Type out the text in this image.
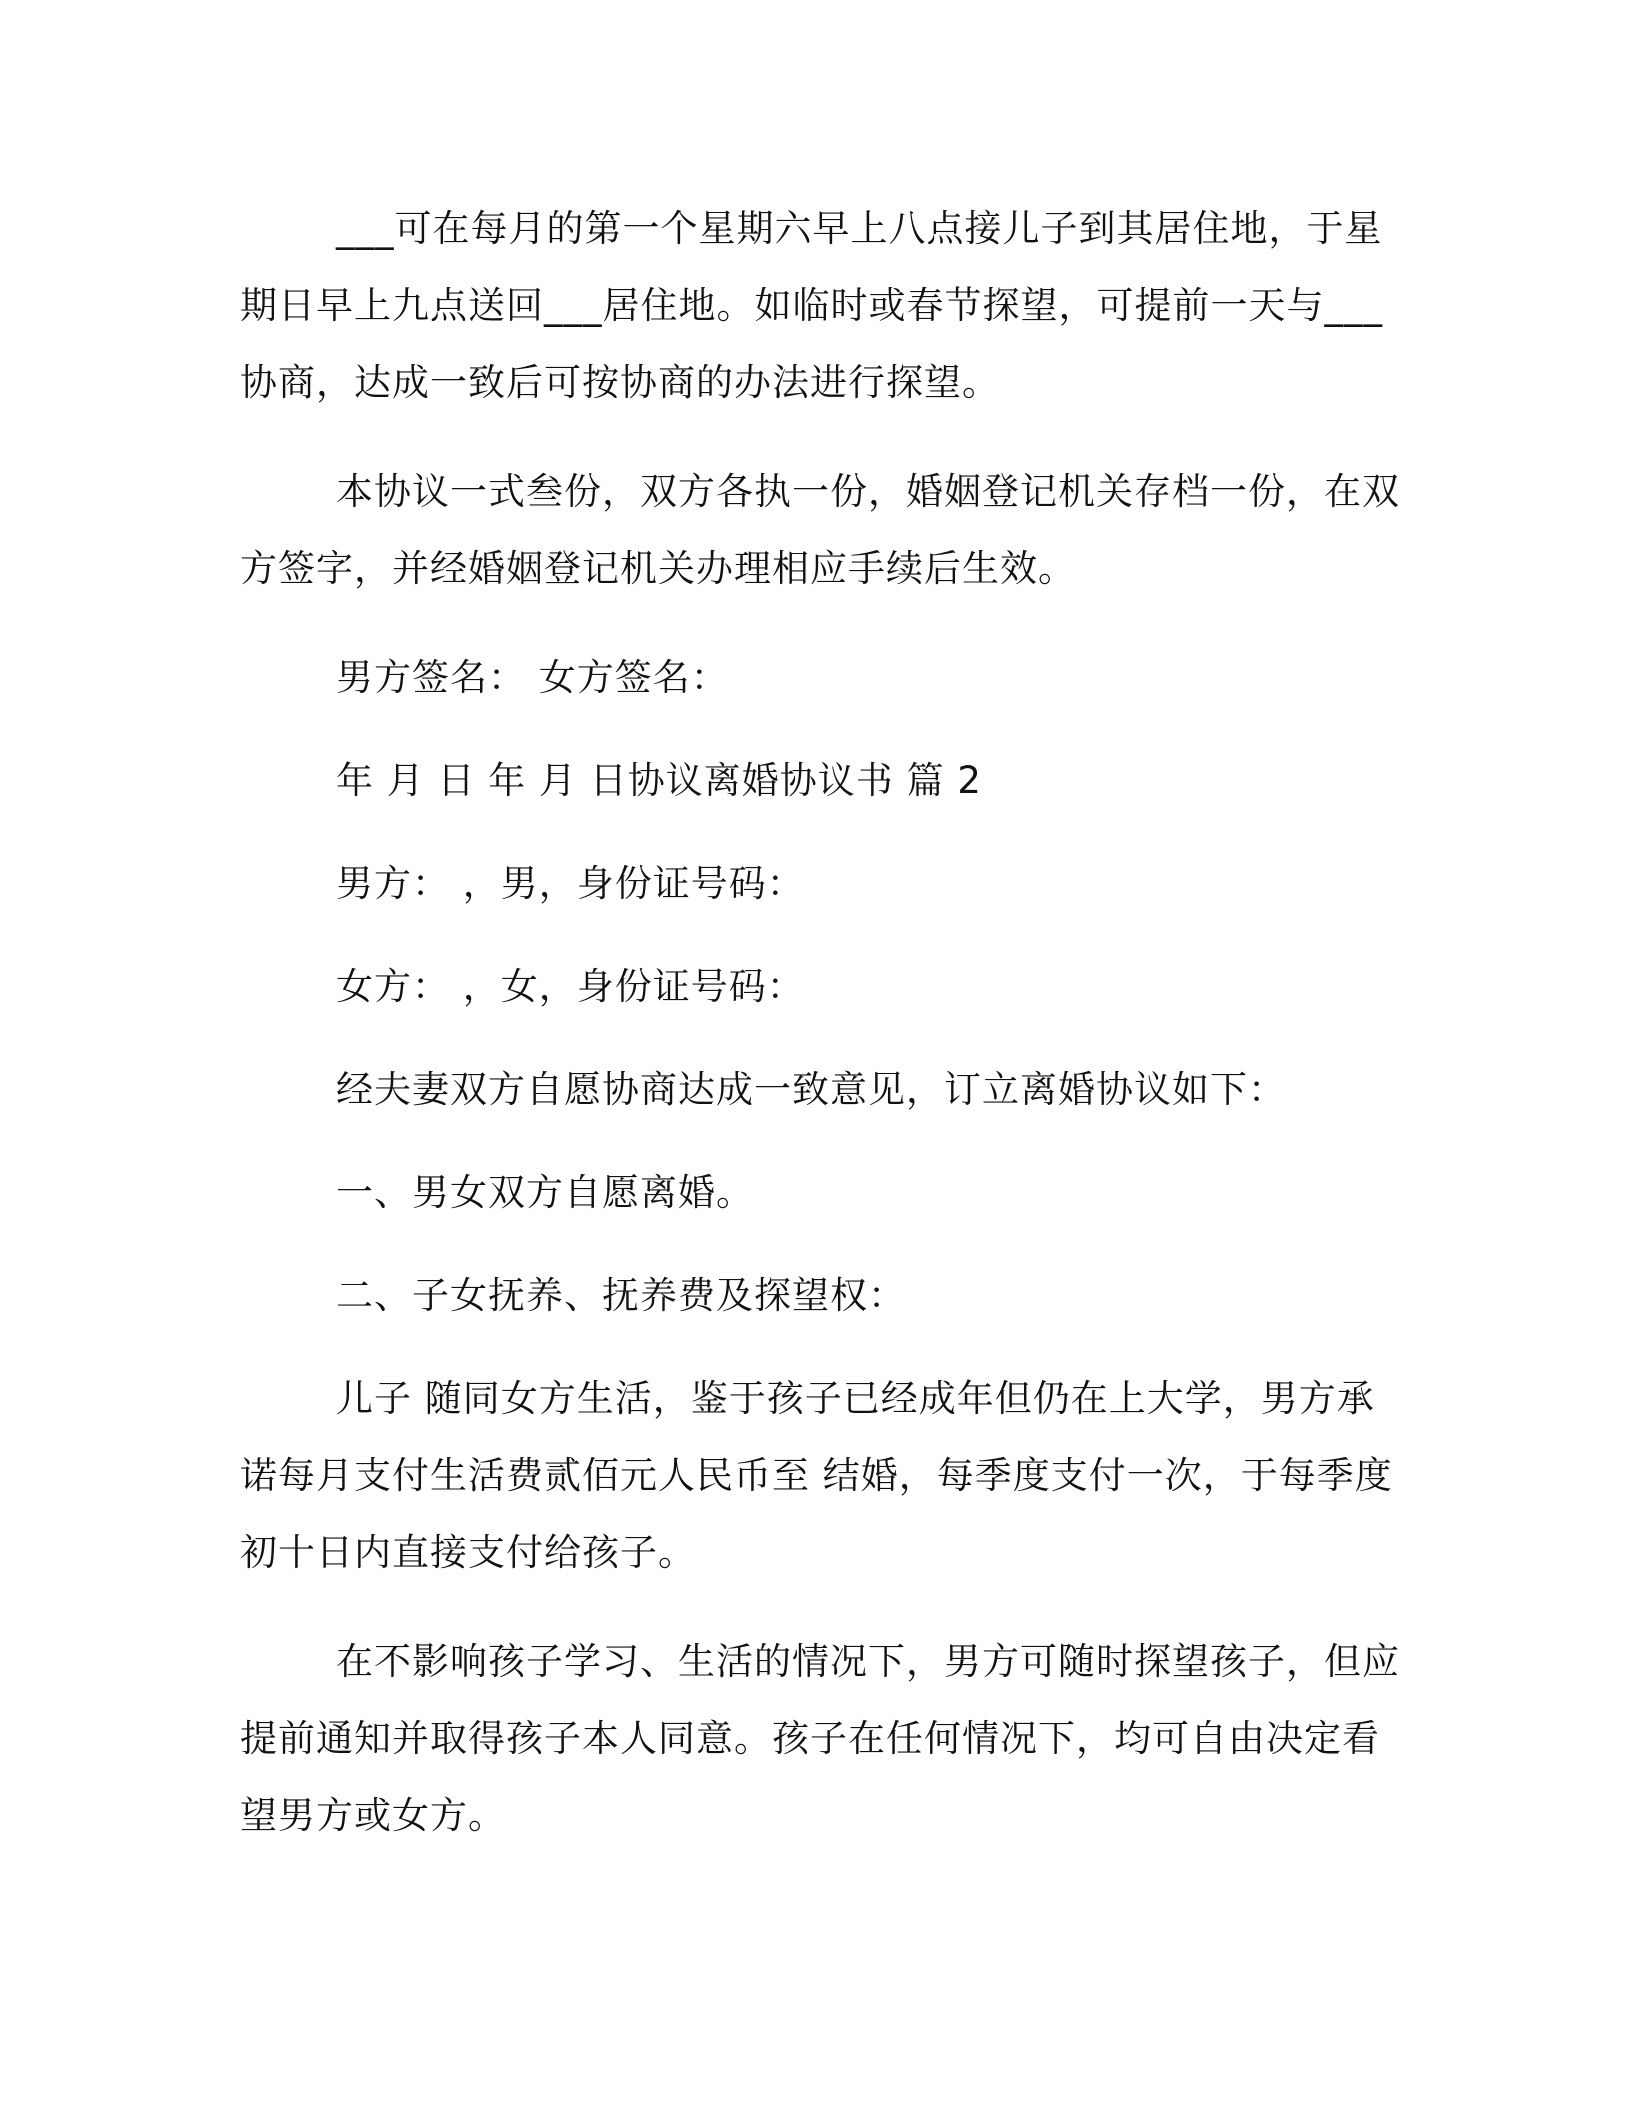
___可在每月的第一个星期六早上八点接儿子到其居住地，于星期日早上九点送回___居住地。如临时或春节探望，可提前一天与___协商，达成一致后可按协商的办法进行探望。

本协议一式叁份，双方各执一份，婚姻登记机关存档一份，在双方签字，并经婚姻登记机关办理相应手续后生效。

男方签名： 女方签名：

年 月 日 年 月 日协议离婚协议书 篇 2

男方： ，男，身份证号码：

女方： ，女，身份证号码：

经夫妻双方自愿协商达成一致意见，订立离婚协议如下：

一、男女双方自愿离婚。

二、子女抚养、抚养费及探望权：

儿子 随同女方生活，鉴于孩子已经成年但仍在上大学，男方承诺每月支付生活费贰佰元人民币至 结婚，每季度支付一次，于每季度初十日内直接支付给孩子。

在不影响孩子学习、生活的情况下，男方可随时探望孩子，但应提前通知并取得孩子本人同意。孩子在任何情况下，均可自由决定看望男方或女方。
